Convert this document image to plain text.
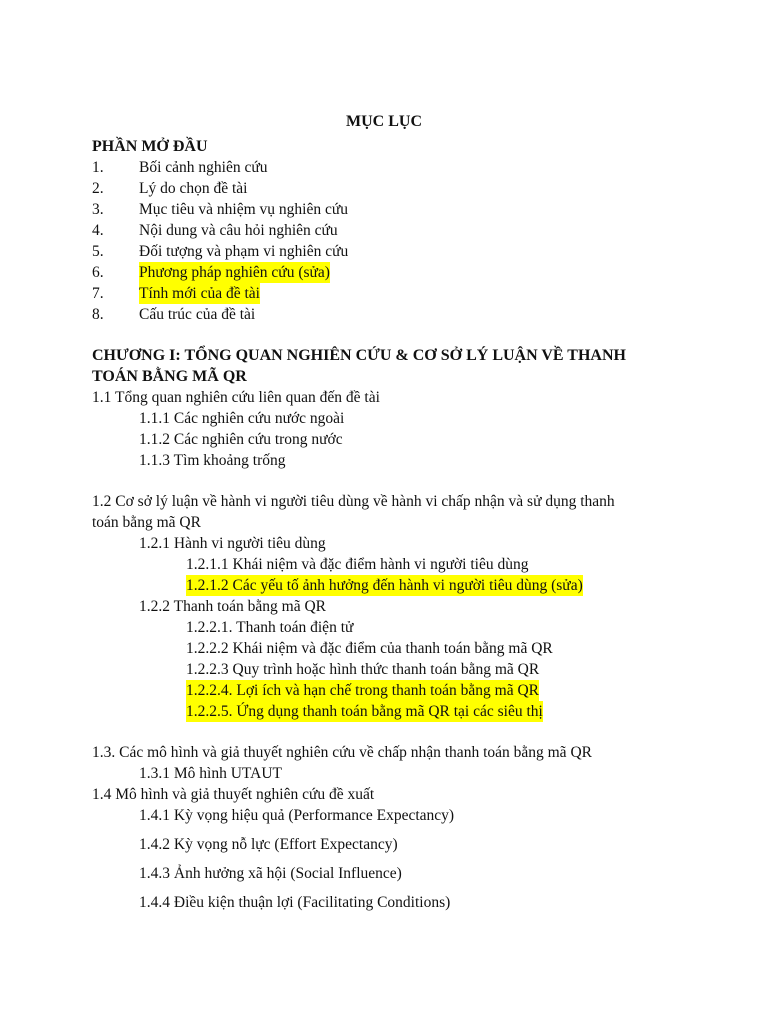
MỤC LỤC
PHẦN MỞ ĐẦU
1. Bối cảnh nghiên cứu
2. Lý do chọn đề tài
3. Mục tiêu và nhiệm vụ nghiên cứu
4. Nội dung và câu hỏi nghiên cứu
5. Đối tượng và phạm vi nghiên cứu
6. Phương pháp nghiên cứu (sửa)
7. Tính mới của đề tài
8. Cấu trúc của đề tài
CHƯƠNG I: TỔNG QUAN NGHIÊN CỨU & CƠ SỞ LÝ LUẬN VỀ THANH
TOÁN BẰNG MÃ QR
1.1 Tổng quan nghiên cứu liên quan đến đề tài
1.1.1 Các nghiên cứu nước ngoài
1.1.2 Các nghiên cứu trong nước
1.1.3 Tìm khoảng trống
1.2 Cơ sở lý luận về hành vi người tiêu dùng về hành vi chấp nhận và sử dụng thanh
toán bằng mã QR
1.2.1 Hành vi người tiêu dùng
1.2.1.1 Khái niệm và đặc điểm hành vi người tiêu dùng
1.2.1.2 Các yếu tố ảnh hưởng đến hành vi người tiêu dùng (sửa)
1.2.2 Thanh toán bằng mã QR
1.2.2.1. Thanh toán điện tử
1.2.2.2 Khái niệm và đặc điểm của thanh toán bằng mã QR
1.2.2.3 Quy trình hoặc hình thức thanh toán bằng mã QR
1.2.2.4. Lợi ích và hạn chế trong thanh toán bằng mã QR
1.2.2.5. Ứng dụng thanh toán bằng mã QR tại các siêu thị
1.3. Các mô hình và giả thuyết nghiên cứu về chấp nhận thanh toán bằng mã QR
1.3.1 Mô hình UTAUT
1.4 Mô hình và giả thuyết nghiên cứu đề xuất
1.4.1 Kỳ vọng hiệu quả (Performance Expectancy)
1.4.2 Kỳ vọng nỗ lực (Effort Expectancy)
1.4.3 Ảnh hưởng xã hội (Social Influence)
1.4.4 Điều kiện thuận lợi (Facilitating Conditions)
